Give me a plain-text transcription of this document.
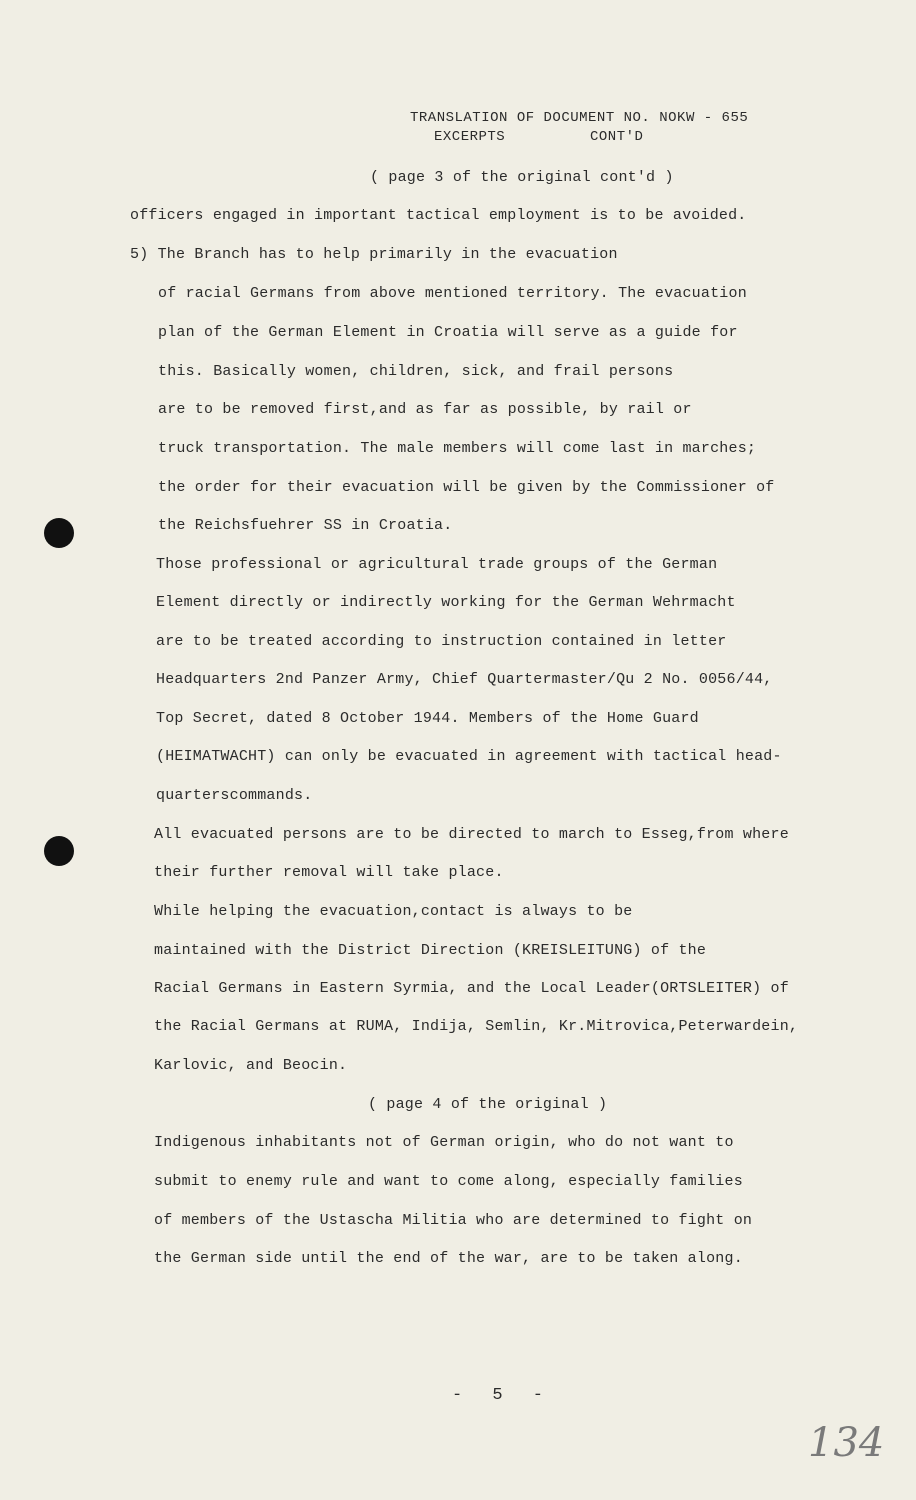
TRANSLATION OF DOCUMENT NO. NOKW - 655
EXCERPTS	CONT'D
( page 3 of the original cont'd )
officers engaged in important tactical employment is to be avoided.
5) The Branch has to help primarily in the evacuation
of racial Germans from above mentioned territory. The evacuation
plan of the German Element in Croatia will serve as a guide for
this. Basically women, children, sick, and frail persons
are to be removed first,and as far as possible, by rail or
truck transportation. The male members will come last in marches;
the order for their evacuation will be given by the Commissioner of
the Reichsfuehrer SS in Croatia.
Those professional or agricultural trade groups of the German
Element directly or indirectly working for the German Wehrmacht
are to be treated according to instruction contained in letter
Headquarters 2nd Panzer Army, Chief Quartermaster/Qu 2 No. 0056/44,
Top Secret, dated 8 October 1944. Members of the Home Guard
(HEIMATWACHT) can only be evacuated in agreement with tactical head-
quarterscommands.
All evacuated persons are to be directed to march to Esseg,from where
their further removal will take place.
While helping the evacuation,contact is always to be
maintained with the District Direction (KREISLEITUNG) of the
Racial Germans in Eastern Syrmia, and the Local Leader(ORTSLEITER) of
the Racial Germans at RUMA, Indija, Semlin, Kr.Mitrovica,Peterwardein,
Karlovic, and Beocin.
( page 4 of the original )
Indigenous inhabitants not of German origin, who do not want to
submit to enemy rule and want to come along, especially families
of members of the Ustascha Militia who are determined to fight on
the German side until the end of the war, are to be taken along.
- 5 -
134
